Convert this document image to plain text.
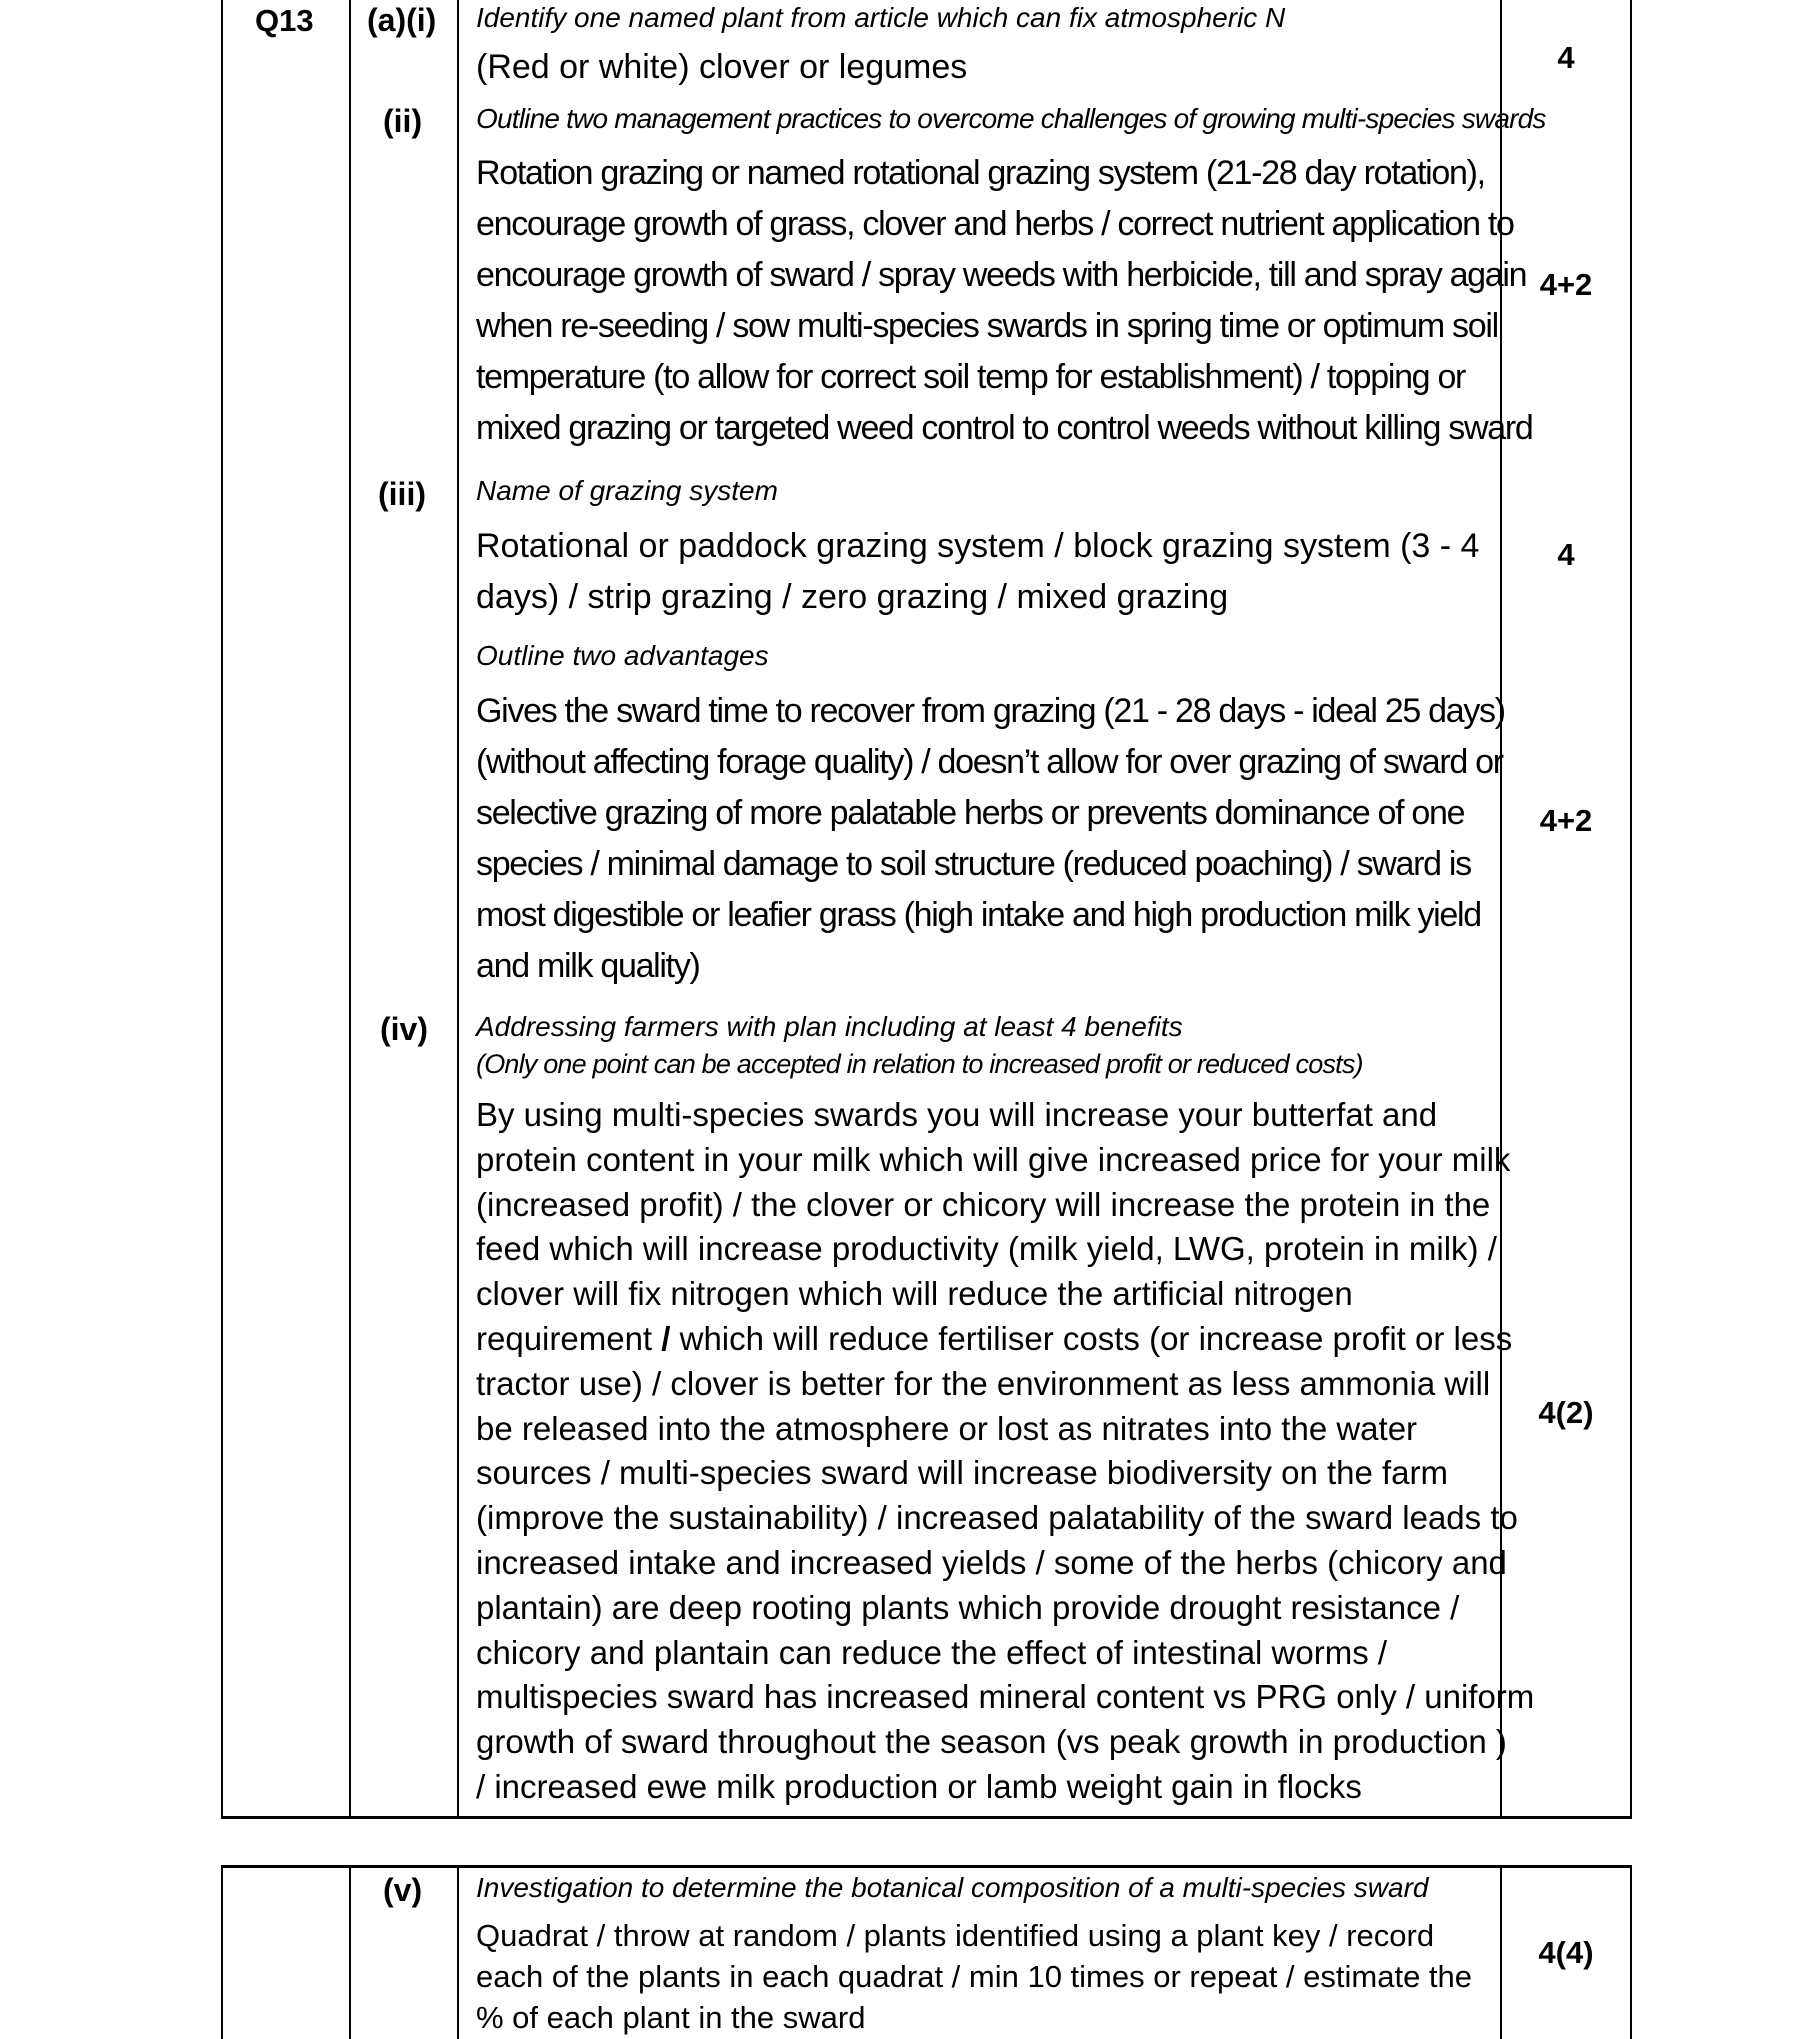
Q13 (a)(i) Identify one named plant from article which can fix atmospheric N
(Red or white) clover or legumes	4
(ii) Outline two management practices to overcome challenges of growing multi-species swards
Rotation grazing or named rotational grazing system (21-28 day rotation),
encourage growth of grass, clover and herbs / correct nutrient application to
encourage growth of sward / spray weeds with herbicide, till and spray again
when re-seeding / sow multi-species swards in spring time or optimum soil
temperature (to allow for correct soil temp for establishment) / topping or
mixed grazing or targeted weed control to control weeds without killing sward
4+2
(iii) Name of grazing system
Rotational or paddock grazing system / block grazing system (3 - 4
days) / strip grazing / zero grazing / mixed grazing
4
Outline two advantages
Gives the sward time to recover from grazing (21 - 28 days - ideal 25 days)
(without affecting forage quality) / doesn’t allow for over grazing of sward or
selective grazing of more palatable herbs or prevents dominance of one
species / minimal damage to soil structure (reduced poaching) / sward is
most digestible or leafier grass (high intake and high production milk yield
and milk quality)
4+2
(iv) Addressing farmers with plan including at least 4 benefits
(Only one point can be accepted in relation to increased profit or reduced costs)
By using multi-species swards you will increase your butterfat and
protein content in your milk which will give increased price for your milk
(increased profit) / the clover or chicory will increase the protein in the
feed which will increase productivity (milk yield, LWG, protein in milk) /
clover will fix nitrogen which will reduce the artificial nitrogen
requirement / which will reduce fertiliser costs (or increase profit or less
tractor use) / clover is better for the environment as less ammonia will
be released into the atmosphere or lost as nitrates into the water
sources / multi-species sward will increase biodiversity on the farm
(improve the sustainability) / increased palatability of the sward leads to
increased intake and increased yields / some of the herbs (chicory and
plantain) are deep rooting plants which provide drought resistance /
chicory and plantain can reduce the effect of intestinal worms /
multispecies sward has increased mineral content vs PRG only / uniform
growth of sward throughout the season (vs peak growth in production )
/ increased ewe milk production or lamb weight gain in flocks
4(2)
(v) Investigation to determine the botanical composition of a multi-species sward
Quadrat / throw at random / plants identified using a plant key / record
each of the plants in each quadrat / min 10 times or repeat / estimate the
% of each plant in the sward
4(4)
